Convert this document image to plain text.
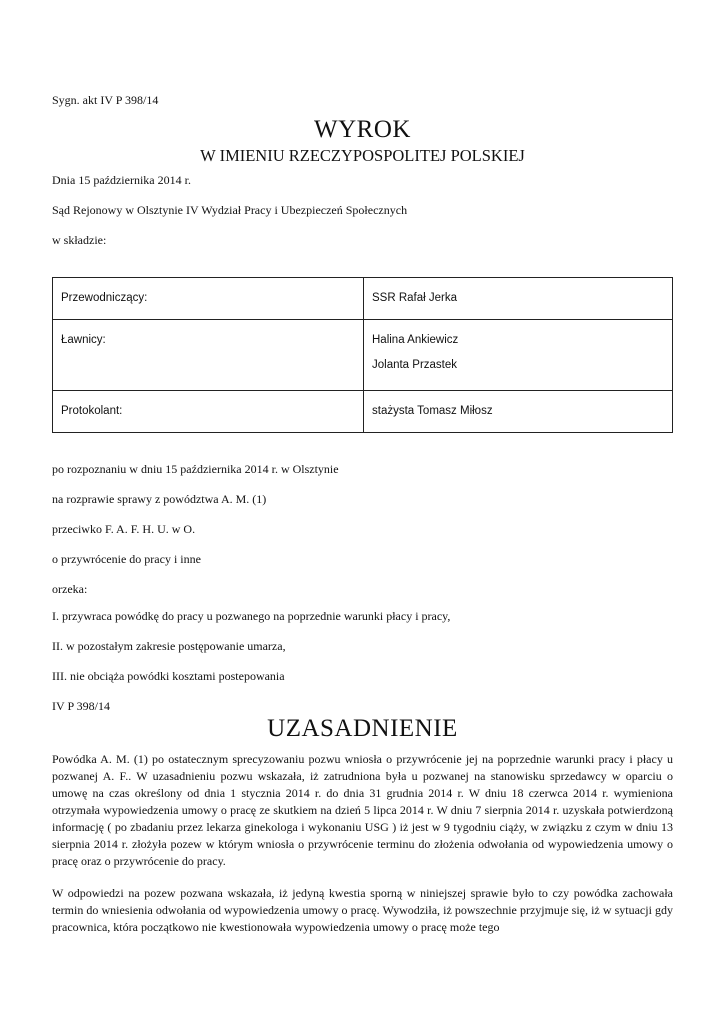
Sygn. akt IV P 398/14
WYROK
W IMIENIU RZECZYPOSPOLITEJ POLSKIEJ
Dnia 15 października 2014 r.
Sąd Rejonowy w Olsztynie IV Wydział Pracy i Ubezpieczeń Społecznych
w składzie:
Przewodniczący:	SSR Rafał Jerka

Ławnicy:	Halina Ankiewicz
Jolanta Przastek

Protokolant:	stażysta Tomasz Miłosz
po rozpoznaniu w dniu 15 października 2014 r. w Olsztynie
na rozprawie sprawy z powództwa A. M. (1)
przeciwko F. A. F. H. U. w O.
o przywrócenie do pracy i inne
orzeka:
I. przywraca powódkę do pracy u pozwanego na poprzednie warunki płacy i pracy,
II. w pozostałym zakresie postępowanie umarza,
III. nie obciąża powódki kosztami postepowania
IV P 398/14
UZASADNIENIE
Powódka A. M. (1) po ostatecznym sprecyzowaniu pozwu wniosła o przywrócenie jej na poprzednie warunki pracy i płacy u pozwanej A. F.. W uzasadnieniu pozwu wskazała, iż zatrudniona była u pozwanej na stanowisku sprzedawcy w oparciu o umowę na czas określony od dnia 1 stycznia 2014 r. do dnia 31 grudnia 2014 r. W dniu 18 czerwca 2014 r. wymieniona otrzymała wypowiedzenia umowy o pracę ze skutkiem na dzień 5 lipca 2014 r. W dniu 7 sierpnia 2014 r. uzyskała potwierdzoną informację ( po zbadaniu przez lekarza ginekologa i wykonaniu USG ) iż jest w 9 tygodniu ciąży, w związku z czym w dniu 13 sierpnia 2014 r. złożyła pozew w którym wniosła o przywrócenie terminu do złożenia odwołania od wypowiedzenia umowy o pracę oraz o przywrócenie do pracy.
W odpowiedzi na pozew pozwana wskazała, iż jedyną kwestia sporną w niniejszej sprawie było to czy powódka zachowała termin do wniesienia odwołania od wypowiedzenia umowy o pracę. Wywodziła, iż powszechnie przyjmuje się, iż w sytuacji gdy pracownica, która początkowo nie kwestionowała wypowiedzenia umowy o pracę może tego
